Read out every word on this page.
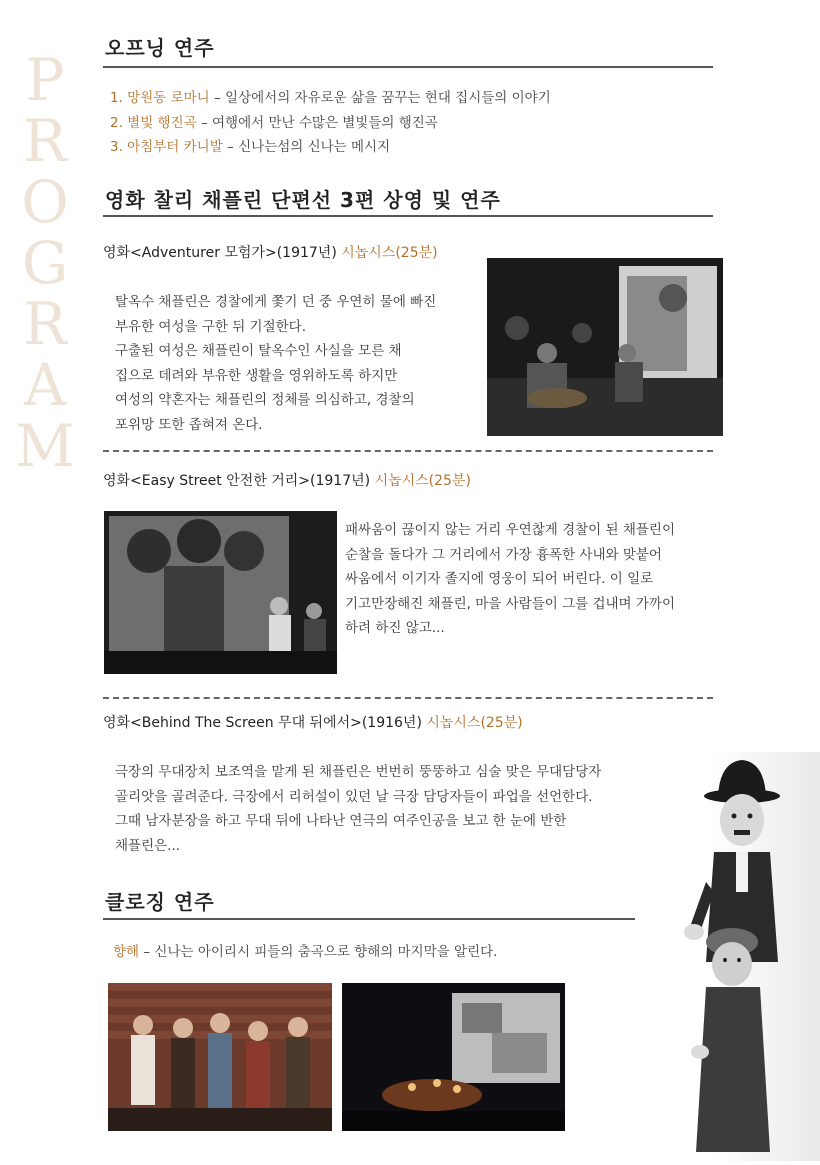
P
R
O
G
R
A
M
오프닝 연주
1. 망원동 로마니 – 일상에서의 자유로운 삶을 꿈꾸는 현대 집시들의 이야기
2. 별빛 행진곡 – 여행에서 만난 수많은 별빛들의 행진곡
3. 아침부터 카니발 – 신나는섬의 신나는 메시지
영화 찰리 채플린 단편선 3편 상영 및 연주
영화<Adventurer 모험가>(1917년) 시놉시스(25분)
탈옥수 채플린은 경찰에게 쫓기 던 중 우연히 물에 빠진
부유한 여성을 구한 뒤 기절한다.
구출된 여성은 채플린이 탈옥수인 사실을 모른 채
집으로 데려와 부유한 생활을 영위하도록 하지만
여성의 약혼자는 채플린의 정체를 의심하고, 경찰의
포위망 또한 좁혀져 온다.
영화<Easy Street 안전한 거리>(1917년) 시놉시스(25분)
패싸움이 끊이지 않는 거리 우연찮게 경찰이 된 채플린이
순찰을 돌다가 그 거리에서 가장 흉폭한 사내와 맞붙어
싸움에서 이기자 졸지에 영웅이 되어 버린다. 이 일로
기고만장해진 채플린, 마을 사람들이 그를 겁내며 가까이
하려 하진 않고...
영화<Behind The Screen 무대 뒤에서>(1916년) 시놉시스(25분)
극장의 무대장치 보조역을 맡게 된 채플린은 번번히 뚱뚱하고 심술 맞은 무대담당자
골리앗을 골려준다. 극장에서 리허설이 있던 날 극장 담당자들이 파업을 선언한다.
그때 남자분장을 하고 무대 뒤에 나타난 연극의 여주인공을 보고 한 눈에 반한
채플린은...
클로징 연주
향해 – 신나는 아이리시 피들의 춤곡으로 향해의 마지막을 알린다.
